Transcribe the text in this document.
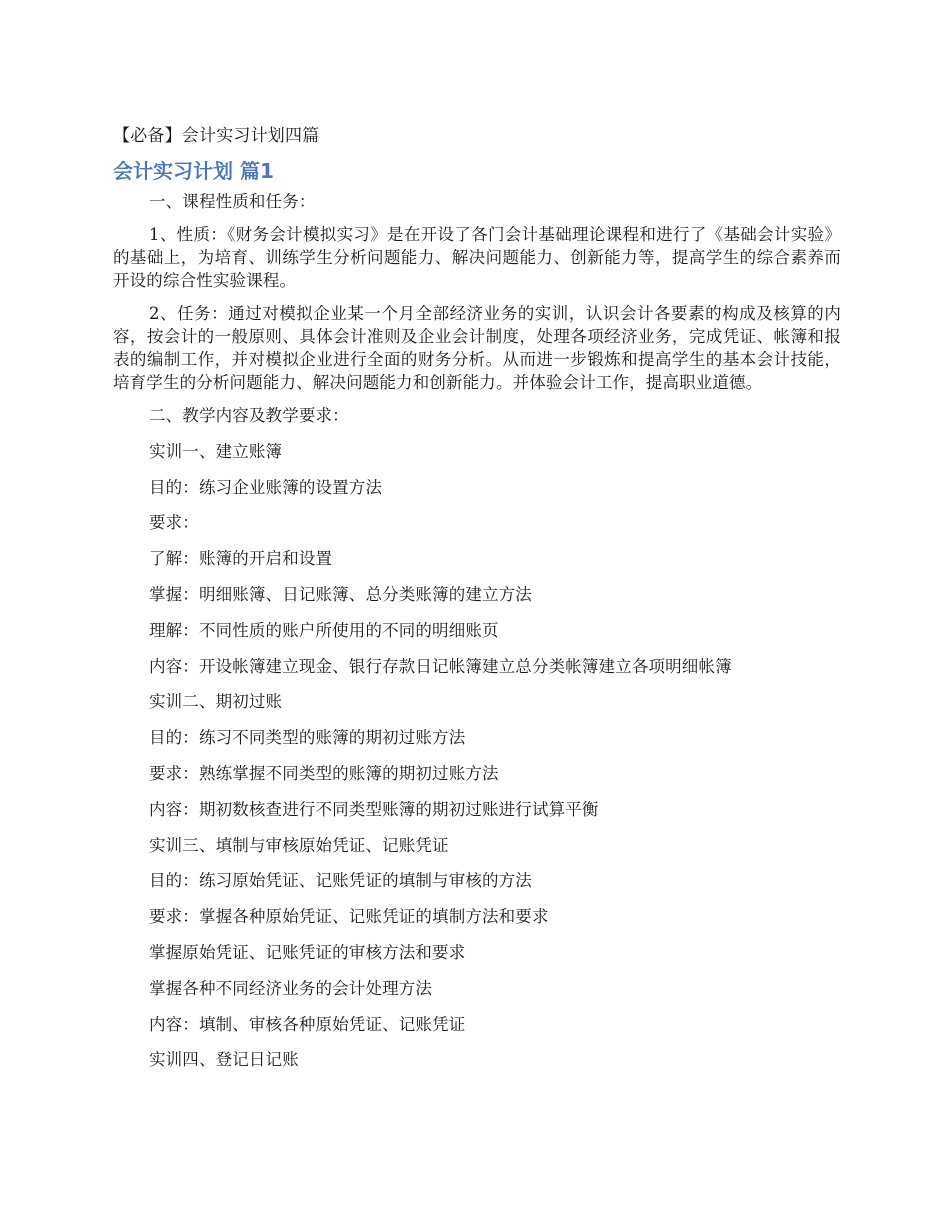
【必备】会计实习计划四篇
会计实习计划 篇1

一、课程性质和任务：

1、性质：《财务会计模拟实习》是在开设了各门会计基础理论课程和进行了《基础会计实验》的基础上，为培育、训练学生分析问题能力、解决问题能力、创新能力等，提高学生的综合素养而开设的综合性实验课程。

2、任务：通过对模拟企业某一个月全部经济业务的实训，认识会计各要素的构成及核算的内容，按会计的一般原则、具体会计准则及企业会计制度，处理各项经济业务，完成凭证、帐簿和报表的编制工作，并对模拟企业进行全面的财务分析。从而进一步锻炼和提高学生的基本会计技能，培育学生的分析问题能力、解决问题能力和创新能力。并体验会计工作，提高职业道德。

二、教学内容及教学要求：
实训一、建立账簿
目的：练习企业账簿的设置方法
要求：
了解：账簿的开启和设置
掌握：明细账簿、日记账簿、总分类账簿的建立方法
理解：不同性质的账户所使用的不同的明细账页
内容：开设帐簿建立现金、银行存款日记帐簿建立总分类帐簿建立各项明细帐簿
实训二、期初过账
目的：练习不同类型的账簿的期初过账方法
要求：熟练掌握不同类型的账簿的期初过账方法
内容：期初数核查进行不同类型账簿的期初过账进行试算平衡
实训三、填制与审核原始凭证、记账凭证
目的：练习原始凭证、记账凭证的填制与审核的方法
要求：掌握各种原始凭证、记账凭证的填制方法和要求
掌握原始凭证、记账凭证的审核方法和要求
掌握各种不同经济业务的会计处理方法
内容：填制、审核各种原始凭证、记账凭证
实训四、登记日记账
